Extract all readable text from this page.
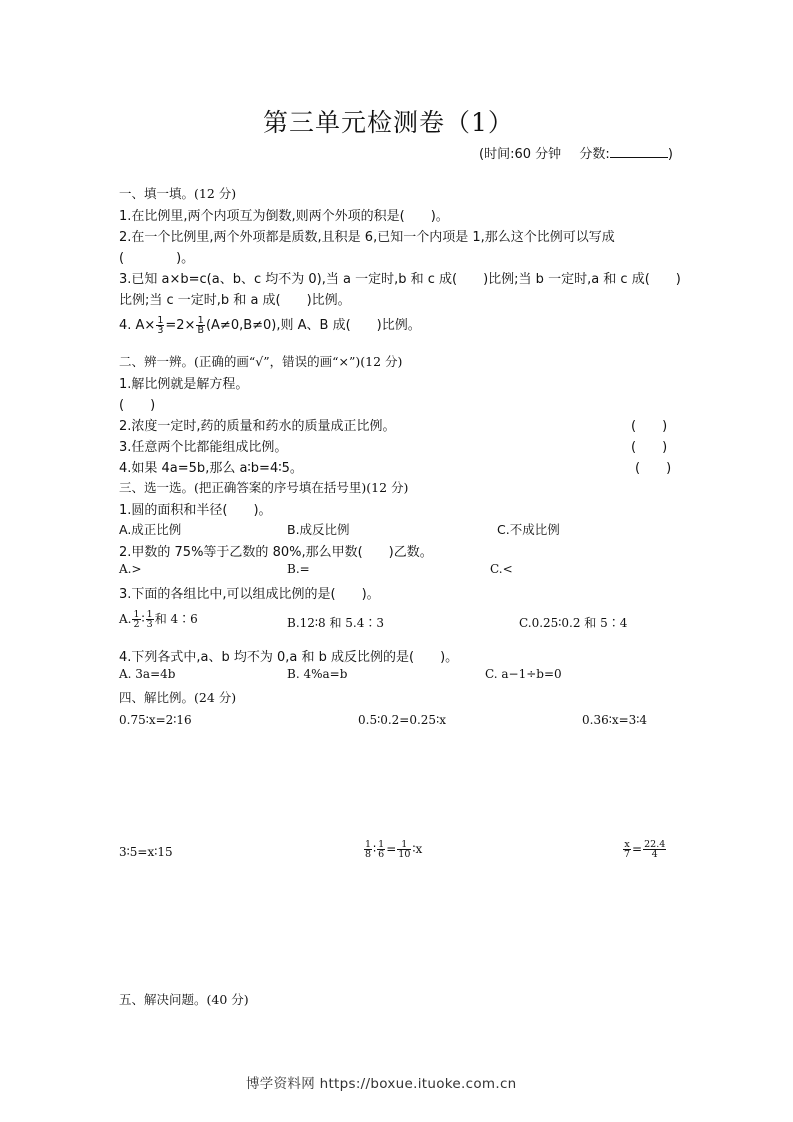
第三单元检测卷（1）
(时间:60 分钟 分数:	)
一、填一填。(12 分)
1.在比例里,两个内项互为倒数,则两个外项的积是(　　)。
2.在一个比例里,两个外项都是质数,且积是 6,已知一个内项是 1,那么这个比例可以写成
(　　　　)。
3.已知 a×b=c(a、b、c 均不为 0),当 a 一定时,b 和 c 成(　　)比例;当 b 一定时,a 和 c 成(　　)
比例;当 c 一定时,b 和 a 成(　　)比例。
4. $A\times \frac{1}{3} =2\times \frac{1}{B} (A\ne 0,B\ne 0)$,则 A、B 成(　　)比例。
二、辨一辨。(正确的画“√”，错误的画“×”)(12 分)
1.解比例就是解方程。
(　　)
2.浓度一定时,药的质量和药水的质量成正比例。	(　　)
3.任意两个比都能组成比例。	(　　)
4.如果 4a=5b,那么 a∶b=4∶5。	(　　)
三、选一选。(把正确答案的序号填在括号里)(12 分)
1.圆的面积和半径(　　)。
A.成正比例	B.成反比例	C.不成比例
2.甲数的 75%等于乙数的 80%,那么甲数(　　)乙数。
A.>	B.=	C.<
3.下面的各组比中,可以组成比例的是(　　)。
A. $\frac{1}{2}$ ∶ $\frac{1}{3}$ 和 4∶6	B.12∶8 和 5.4∶3	C.0.25∶0.2 和 5∶4
4.下列各式中,a、b 均不为 0,a 和 b 成反比例的是(　　)。
A. 3a=4b	B. 4%a=b	C. a−1÷b=0
四、解比例。(24 分)
0.75∶x=2∶16	0.5∶0.2=0.25∶x	0.36∶x=3∶4
3∶5=x∶15	$\frac{1}{8}$ ∶ $\frac{1}{6} = \frac{1}{10}$ ∶x	$\frac{x}{7} = \frac{22.4}{4}$
五、解决问题。(40 分)
博学资料网 https://boxue.ituoke.com.cn
